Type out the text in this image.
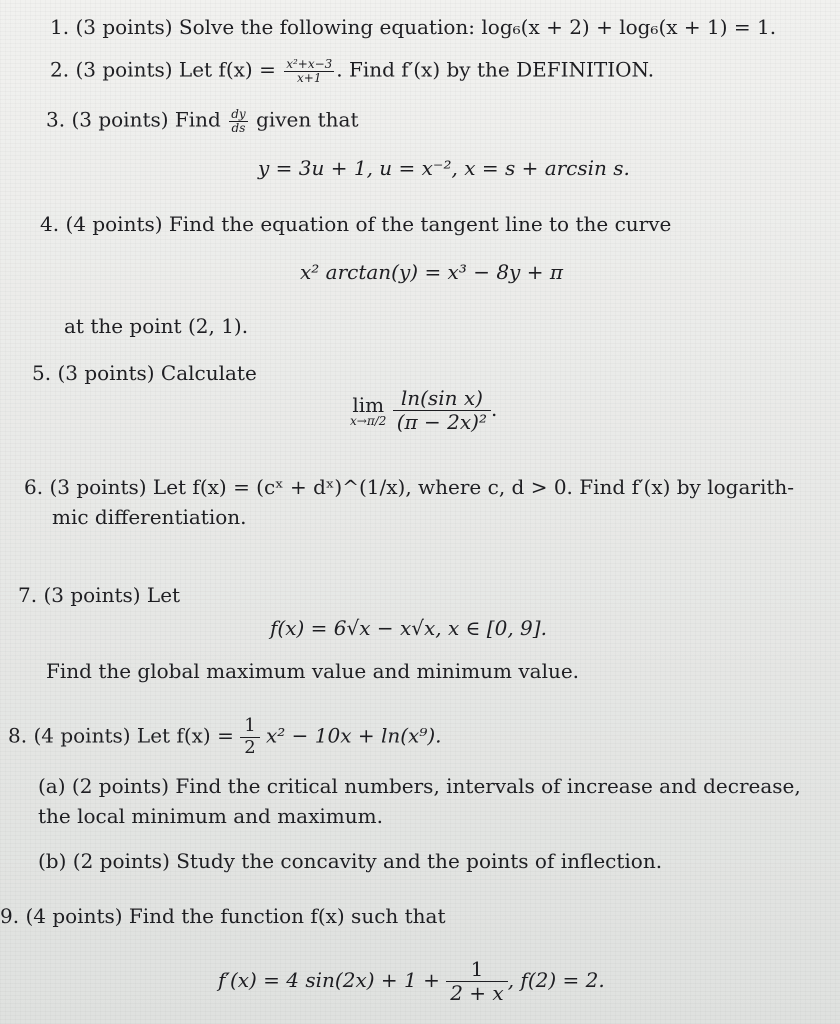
1. (3 points) Solve the following equation: log₆(x + 2) + log₆(x + 1) = 1.
2. (3 points) Let $f(x) = \frac{\text{x²+x−3}}{x+1}$ . Find f′(x) by the DEFINITION.
3. (3 points) Find $\frac{dy}{ds}$ given that
y = 3u + 1, u = x⁻², x = s + arcsin s.
4. (4 points) Find the equation of the tangent line to the curve
x² arctan(y) = x³ − 8y + π
at the point (2, 1).
5. (3 points) Calculate
lim
x→π/2
$\frac{\text{ln(sin x)}}{\text{(π − 2x)²}}$ .
6. (3 points) Let f(x) = (cˣ + dˣ)^(1/x), where c, d > 0. Find f′(x) by logarith-
mic differentiation.
7. (3 points) Let
f(x) = 6√x − x√x, x ∈ [0, 9].
Find the global maximum value and minimum value.
8. (4 points) Let $f(x) = \frac{1}{2} x^2 - 10x + \ln(x^9)$.
(a) (2 points) Find the critical numbers, intervals of increase and decrease,
the local minimum and maximum.
(b) (2 points) Study the concavity and the points of inflection.
9. (4 points) Find the function f(x) such that
f′(x) = 4 $\sin(2x) + 1 + \frac{1}{2 + x}$ , f(2) = 2.
